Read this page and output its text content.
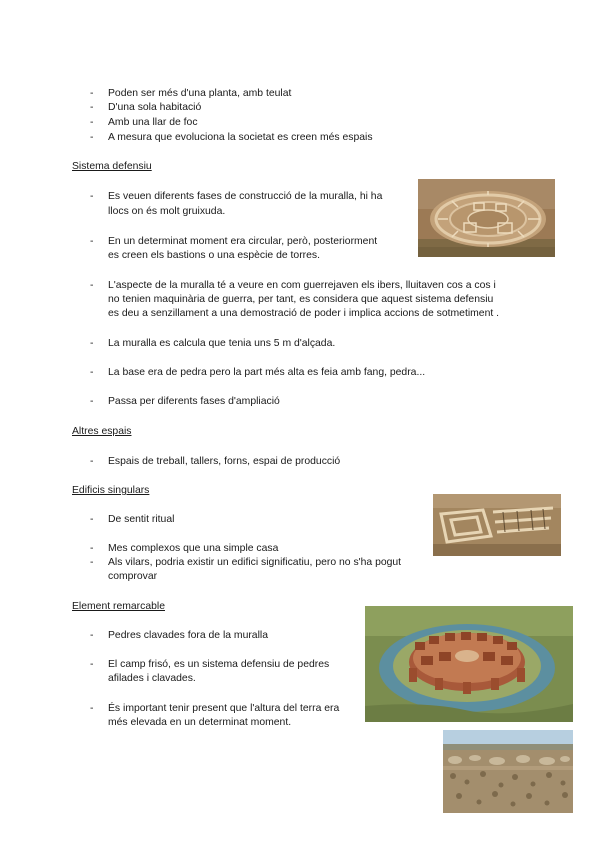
- Poden ser més d'una planta, amb teulat
- D'una sola habitació
- Amb una llar de foc
- A mesura que evoluciona la societat es creen més espais
Sistema defensiu
- Es veuen diferents fases de construcció de la muralla, hi ha
llocs on és molt gruixuda.
- En un determinat moment era circular, però, posteriorment
es creen els bastions o una espècie de torres.
- L'aspecte de la muralla té a veure en com guerrejaven els ibers, lluitaven cos a cos i
no tenien maquinària de guerra, per tant, es considera que aquest sistema defensiu
es deu a senzillament a una demostració de poder i implica accions de sotmetiment .
- La muralla es calcula que tenia uns 5 m d'alçada.
- La base era de pedra pero la part més alta es feia amb fang, pedra...
- Passa per diferents fases d'ampliació
Altres espais
- Espais de treball, tallers, forns, espai de producció
Edificis singulars
- De sentit ritual
- Mes complexos que una simple casa
- Als vilars, podria existir un edifici significatiu, pero no s'ha pogut
comprovar
Element remarcable
- Pedres clavades fora de la muralla
- El camp frisó, es un sistema defensiu de pedres
afilades i clavades.
- És important tenir present que l'altura del terra era
més elevada en un determinat moment.
